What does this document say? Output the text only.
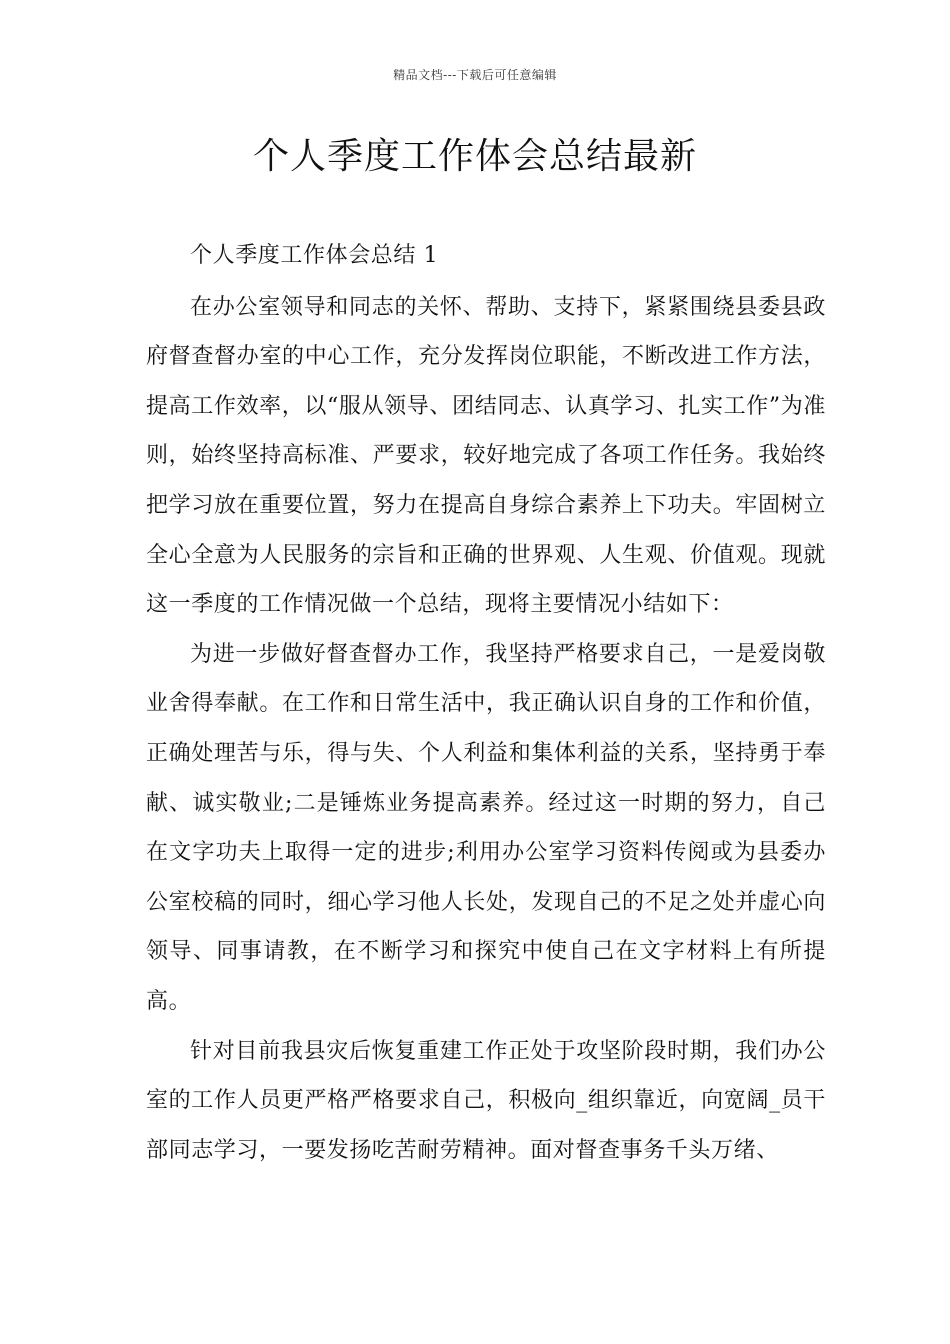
精品文档---下载后可任意编辑
个人季度工作体会总结最新

个人季度工作体会总结 1

在办公室领导和同志的关怀、帮助、支持下，紧紧围绕县委县政府督查督办室的中心工作，充分发挥岗位职能，不断改进工作方法，提高工作效率，以“服从领导、团结同志、认真学习、扎实工作”为准则，始终坚持高标准、严要求，较好地完成了各项工作任务。我始终把学习放在重要位置，努力在提高自身综合素养上下功夫。牢固树立全心全意为人民服务的宗旨和正确的世界观、人生观、价值观。现就这一季度的工作情况做一个总结，现将主要情况小结如下：

为进一步做好督查督办工作，我坚持严格要求自己，一是爱岗敬业舍得奉献。在工作和日常生活中，我正确认识自身的工作和价值，正确处理苦与乐，得与失、个人利益和集体利益的关系，坚持勇于奉献、诚实敬业;二是锤炼业务提高素养。经过这一时期的努力，自己在文字功夫上取得一定的进步;利用办公室学习资料传阅或为县委办公室校稿的同时，细心学习他人长处，发现自己的不足之处并虚心向领导、同事请教，在不断学习和探究中使自己在文字材料上有所提高。

针对目前我县灾后恢复重建工作正处于攻坚阶段时期，我们办公室的工作人员更严格严格要求自己，积极向_组织靠近，向宽阔_员干部同志学习，一要发扬吃苦耐劳精神。面对督查事务千头万绪、
